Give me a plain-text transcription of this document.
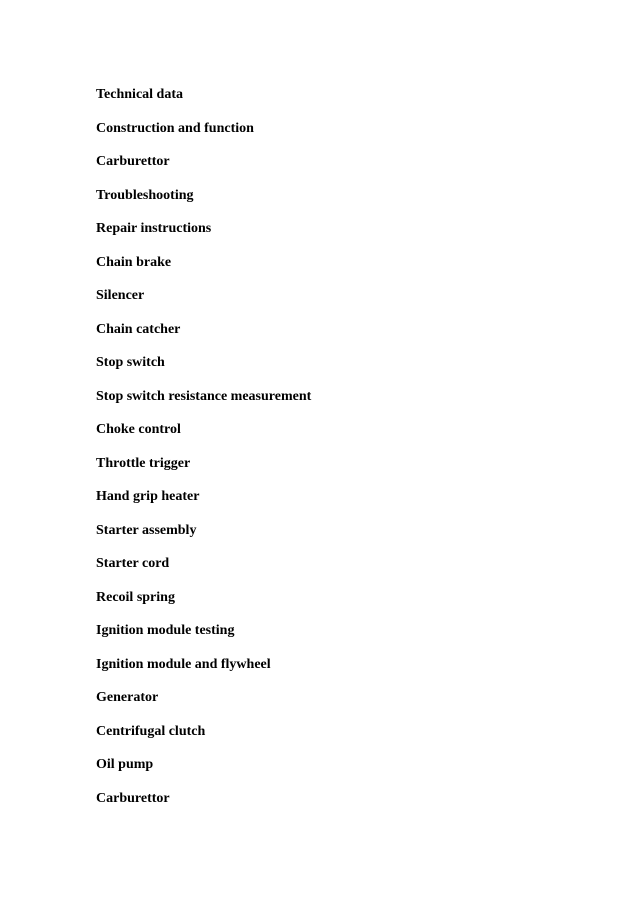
Technical data
Construction and function
Carburettor
Troubleshooting
Repair instructions
Chain brake
Silencer
Chain catcher
Stop switch
Stop switch resistance measurement
Choke control
Throttle trigger
Hand grip heater
Starter assembly
Starter cord
Recoil spring
Ignition module testing
Ignition module and flywheel
Generator
Centrifugal clutch
Oil pump
Carburettor
